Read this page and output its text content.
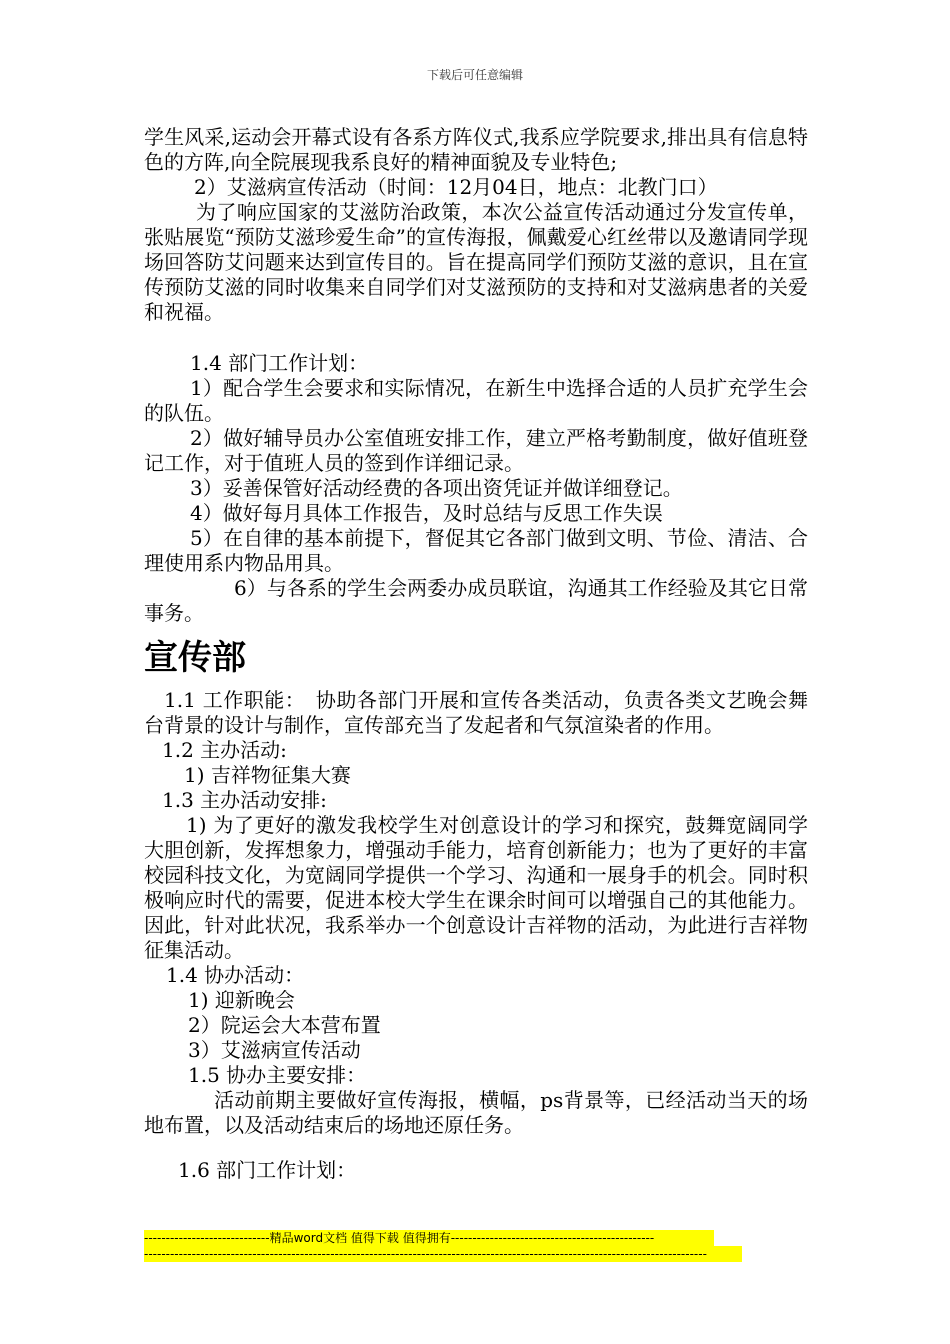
下载后可任意编辑

学生风采,运动会开幕式设有各系方阵仪式,我系应学院要求,排出具有信息特色的方阵,向全院展现我系良好的精神面貌及专业特色;

2）艾滋病宣传活动（时间：12月04日，地点：北教门口）

为了响应国家的艾滋防治政策，本次公益宣传活动通过分发宣传单，张贴展览“预防艾滋珍爱生命”的宣传海报，佩戴爱心红丝带以及邀请同学现场回答防艾问题来达到宣传目的。旨在提高同学们预防艾滋的意识，且在宣传预防艾滋的同时收集来自同学们对艾滋预防的支持和对艾滋病患者的关爱和祝福。

1.4 部门工作计划：

1）配合学生会要求和实际情况，在新生中选择合适的人员扩充学生会的队伍。

2）做好辅导员办公室值班安排工作，建立严格考勤制度，做好值班登记工作，对于值班人员的签到作详细记录。

3）妥善保管好活动经费的各项出资凭证并做详细登记。

4）做好每月具体工作报告，及时总结与反思工作失误

5）在自律的基本前提下，督促其它各部门做到文明、节俭、清洁、合理使用系内物品用具。

6）与各系的学生会两委办成员联谊，沟通其工作经验及其它日常事务。

宣传部

1.1 工作职能：　协助各部门开展和宣传各类活动，负责各类文艺晚会舞台背景的设计与制作，宣传部充当了发起者和气氛渲染者的作用。

1.2 主办活动:

1) 吉祥物征集大赛

1.3 主办活动安排:

1) 为了更好的激发我校学生对创意设计的学习和探究，鼓舞宽阔同学大胆创新，发挥想象力，增强动手能力，培育创新能力；也为了更好的丰富校园科技文化，为宽阔同学提供一个学习、沟通和一展身手的机会。同时积极响应时代的需要，促进本校大学生在课余时间可以增强自己的其他能力。因此，针对此状况，我系举办一个创意设计吉祥物的活动，为此进行吉祥物征集活动。

1.4 协办活动：

1) 迎新晚会

2）院运会大本营布置

3）艾滋病宣传活动

1.5 协办主要安排：

活动前期主要做好宣传海报，横幅，ps背景等，已经活动当天的场地布置，以及活动结束后的场地还原任务。

1.6 部门工作计划：

-----------------------------精品word文档 值得下载 值得拥有-----------------------------------------------
----------------------------------------------------------------------------------------------------------------------------------
